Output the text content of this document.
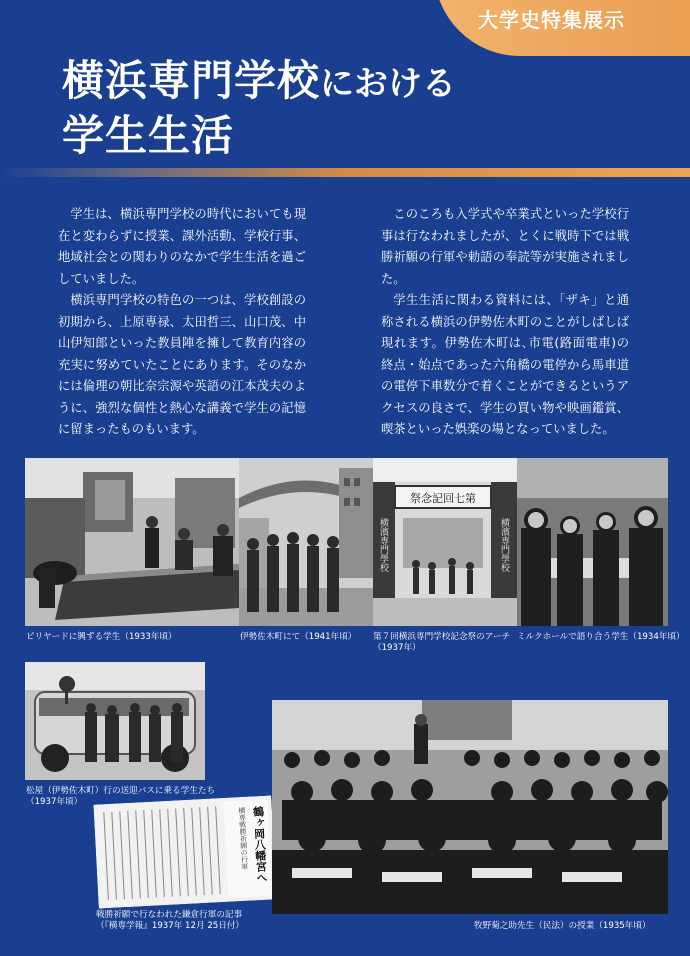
大学史特集展示
横浜専門学校における
学生生活

学生は、横浜専門学校の時代においても現在と変わらずに授業、課外活動、学校行事、地域社会との関わりのなかで学生生活を過ごしていました。

横浜専門学校の特色の一つは、学校創設の初期から、上原専禄、太田哲三、山口茂、中山伊知郎といった教員陣を擁して教育内容の充実に努めていたことにあります。そのなかには倫理の朝比奈宗源や英語の江本茂夫のように、強烈な個性と熱心な講義で学生の記憶に留まったものもいます。

このころも入学式や卒業式といった学校行事は行なわれましたが、とくに戦時下では戦勝祈願の行軍や勅語の奉読等が実施されました。

学生生活に関わる資料には、「ザキ」と通称される横浜の伊勢佐木町のことがしばしば現れます。伊勢佐木町は､市電(路面電車)の終点・始点であった六角橋の電停から馬車道の電停下車数分で着くことができるというアクセスの良さで、学生の買い物や映画鑑賞、喫茶といった娯楽の場となっていました。

祭念記回七第
横濱専門學校	横濱専門學校
ビリヤードに興ずる学生（1933年頃）	伊勢佐木町にて（1941年頃） 第７回横浜専門学校記念祭のアーチ
（1937年）
ミルクホールで語り合う学生（1934年頃）
松屋（伊勢佐木町）行の送迎バスに乗る学生たち
（1937年頃）
鶴ヶ岡八幡宮へ
横専戦勝祈願の行軍
戦勝祈願で行なわれた鎌倉行軍の記事
（『横専学報』1937年 12月 25日付）	牧野菊之助先生（民法）の授業（1935年頃）
